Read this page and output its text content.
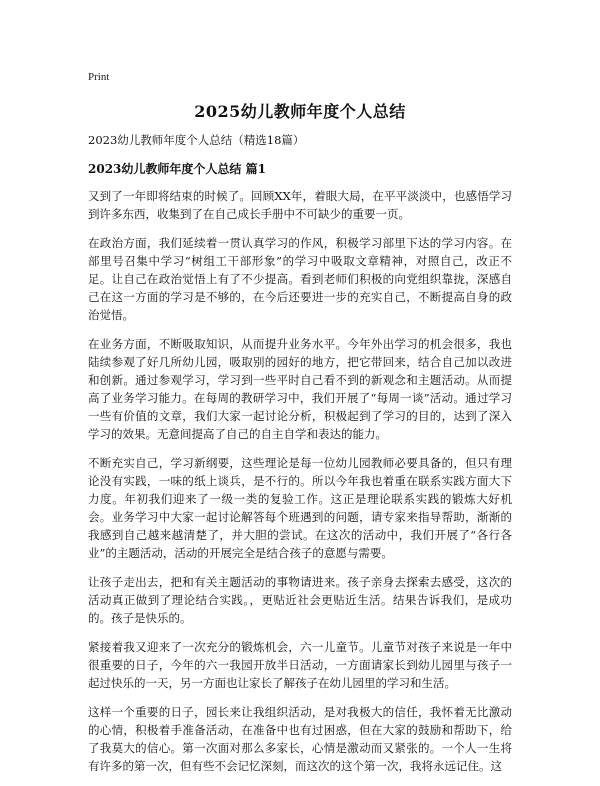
Print
2025幼儿教师年度个人总结
2023幼儿教师年度个人总结（精选18篇）
2023幼儿教师年度个人总结 篇1

又到了一年即将结束的时候了。回顾XX年，着眼大局，在平平淡淡中，也感悟学习到许多东西，收集到了在自己成长手册中不可缺少的重要一页。

在政治方面，我们延续着一贯认真学习的作风，积极学习部里下达的学习内容。在部里号召集中学习“树组工干部形象”的学习中吸取文章精神，对照自己，改正不足。让自己在政治觉悟上有了不少提高。看到老师们积极的向党组织靠拢，深感自己在这一方面的学习是不够的，在今后还要进一步的充实自己，不断提高自身的政治觉悟。

在业务方面，不断吸取知识，从而提升业务水平。今年外出学习的机会很多，我也陆续参观了好几所幼儿园，吸取别的园好的地方，把它带回来，结合自己加以改进和创新。通过参观学习，学习到一些平时自己看不到的新观念和主题活动。从而提高了业务学习能力。在每周的教研学习中，我们开展了“每周一谈”活动。通过学习一些有价值的文章，我们大家一起讨论分析，积极起到了学习的目的，达到了深入学习的效果。无意间提高了自己的自主自学和表达的能力。

不断充实自己，学习新纲要，这些理论是每一位幼儿园教师必要具备的，但只有理论没有实践，一味的纸上谈兵，是不行的。所以今年我也着重在联系实践方面大下力度。年初我们迎来了一级一类的复验工作。这正是理论联系实践的锻炼大好机会。业务学习中大家一起讨论解答每个班遇到的问题，请专家来指导帮助，渐渐的我感到自己越来越清楚了，并大胆的尝试。在这次的活动中，我们开展了“各行各业”的主题活动，活动的开展完全是结合孩子的意愿与需要。

让孩子走出去，把和有关主题活动的事物请进来。孩子亲身去探索去感受，这次的活动真正做到了理论结合实践。，更贴近社会更贴近生活。结果告诉我们，是成功的。孩子是快乐的。

紧接着我又迎来了一次充分的锻炼机会，六一儿童节。儿童节对孩子来说是一年中很重要的日子，今年的六一我园开放半日活动，一方面请家长到幼儿园里与孩子一起过快乐的一天，另一方面也让家长了解孩子在幼儿园里的学习和生活。

这样一个重要的日子，园长来让我组织活动，是对我极大的信任，我怀着无比激动的心情，积极着手准备活动，在准备中也有过困惑，但在大家的鼓励和帮助下，给了我莫大的信心。第一次面对那么多家长，心情是激动而又紧张的。一个人一生将有许多的第一次，但有些不会记忆深刻，而这次的这个第一次，我将永远记住。这
